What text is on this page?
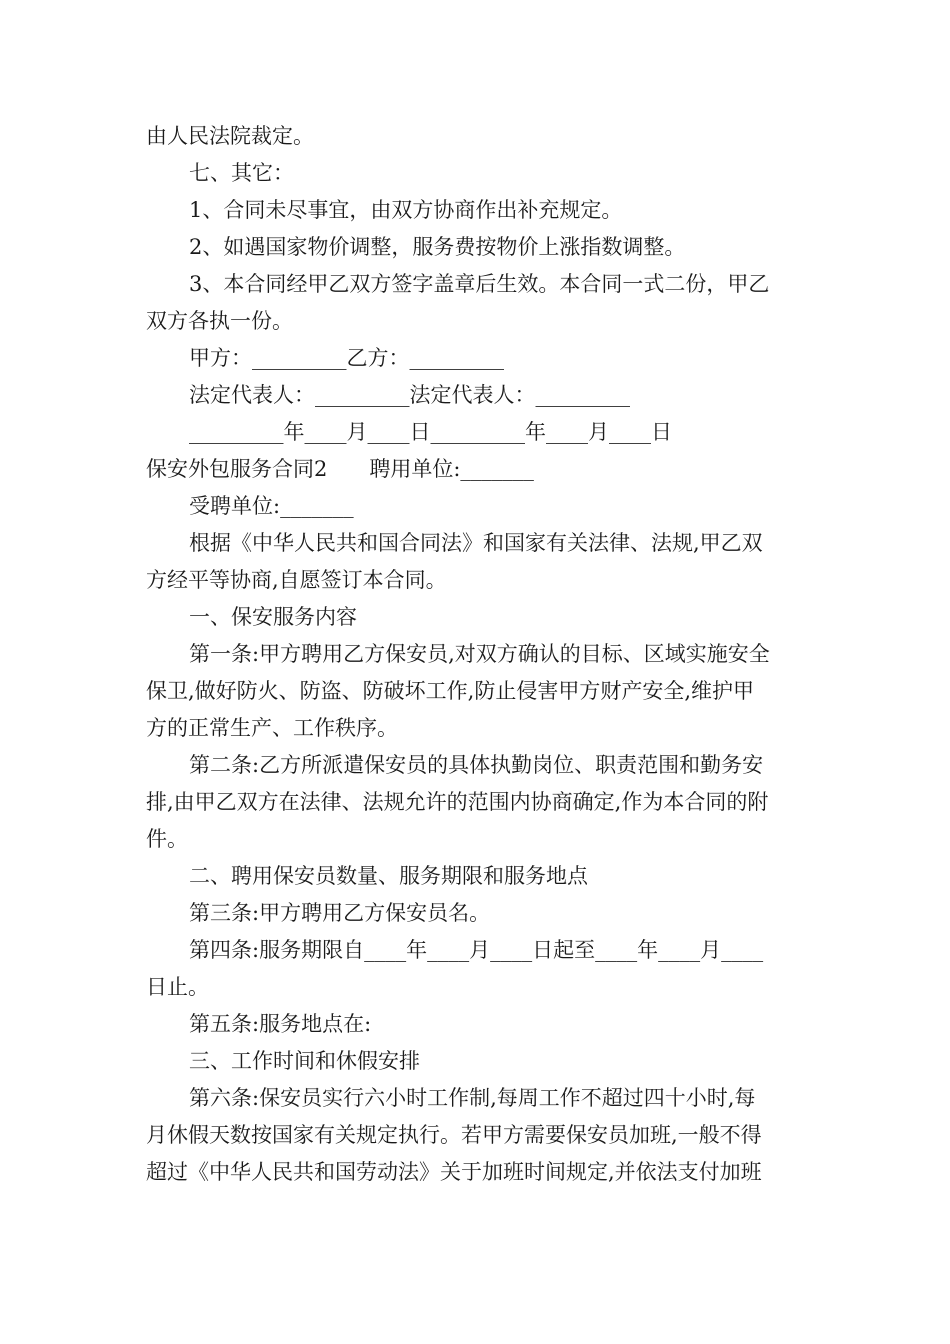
由人民法院裁定。
七、其它：
1、合同未尽事宜，由双方协商作出补充规定。
2、如遇国家物价调整，服务费按物价上涨指数调整。
3、本合同经甲乙双方签字盖章后生效。本合同一式二份，甲乙
双方各执一份。
甲方：_________乙方：_________
法定代表人：_________法定代表人：_________
_________年____月____日_________年____月____日
保安外包服务合同2　　聘用单位:_______
受聘单位:_______
根据《中华人民共和国合同法》和国家有关法律、法规,甲乙双
方经平等协商,自愿签订本合同。
一、保安服务内容
第一条:甲方聘用乙方保安员,对双方确认的目标、区域实施安全
保卫,做好防火、防盗、防破坏工作,防止侵害甲方财产安全,维护甲
方的正常生产、工作秩序。
第二条:乙方所派遣保安员的具体执勤岗位、职责范围和勤务安
排,由甲乙双方在法律、法规允许的范围内协商确定,作为本合同的附
件。
二、聘用保安员数量、服务期限和服务地点
第三条:甲方聘用乙方保安员名。
第四条:服务期限自____年____月____日起至____年____月____
日止。
第五条:服务地点在:
三、工作时间和休假安排
第六条:保安员实行六小时工作制,每周工作不超过四十小时,每
月休假天数按国家有关规定执行。若甲方需要保安员加班,一般不得
超过《中华人民共和国劳动法》关于加班时间规定,并依法支付加班
